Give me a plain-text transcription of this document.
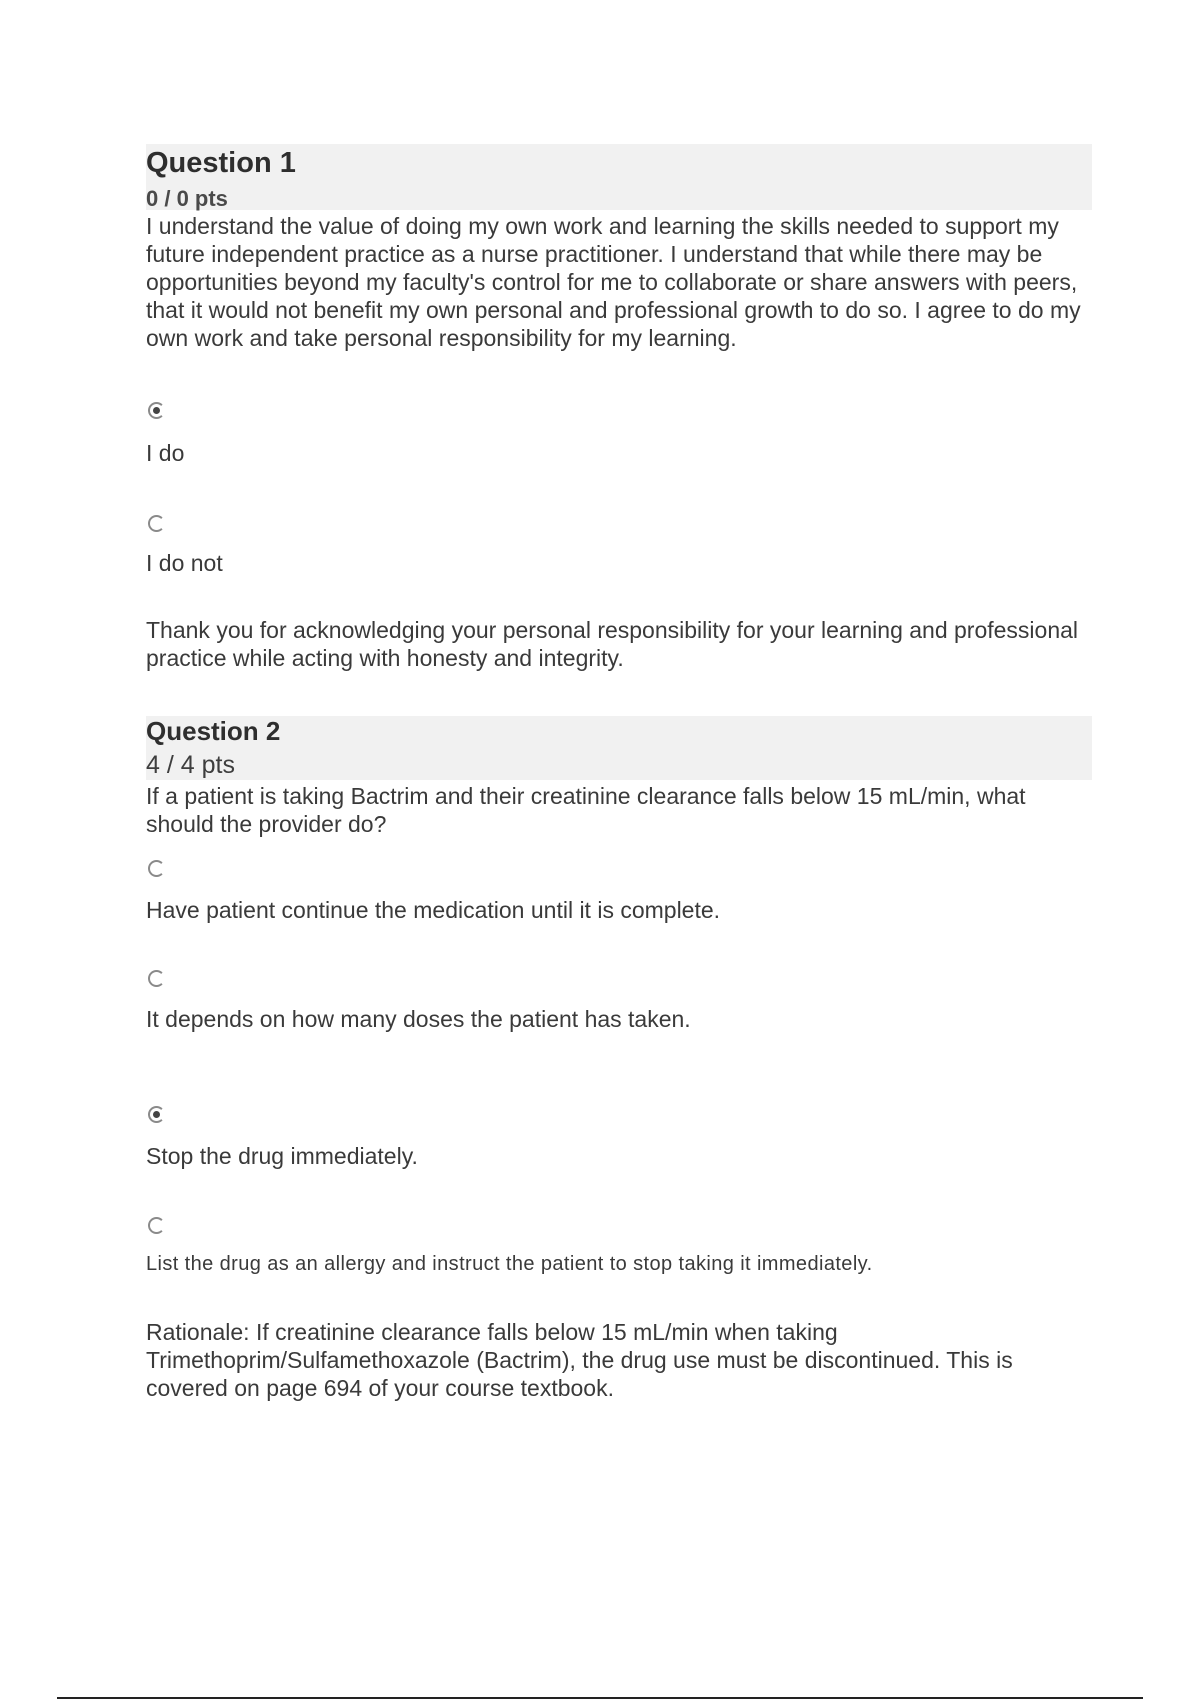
Question 1
0 / 0 pts
I understand the value of doing my own work and learning the skills needed to support my future independent practice as a nurse practitioner. I understand that while there may be opportunities beyond my faculty's control for me to collaborate or share answers with peers, that it would not benefit my own personal and professional growth to do so. I agree to do my own work and take personal responsibility for my learning.
I do
I do not
Thank you for acknowledging your personal responsibility for your learning and professional practice while acting with honesty and integrity.
Question 2
4 / 4 pts
If a patient is taking Bactrim and their creatinine clearance falls below 15 mL/min, what should the provider do?
Have patient continue the medication until it is complete.
It depends on how many doses the patient has taken.
Stop the drug immediately.
List the drug as an allergy and instruct the patient to stop taking it immediately.
Rationale: If creatinine clearance falls below 15 mL/min when taking Trimethoprim/Sulfamethoxazole (Bactrim), the drug use must be discontinued. This is covered on page 694 of your course textbook.
